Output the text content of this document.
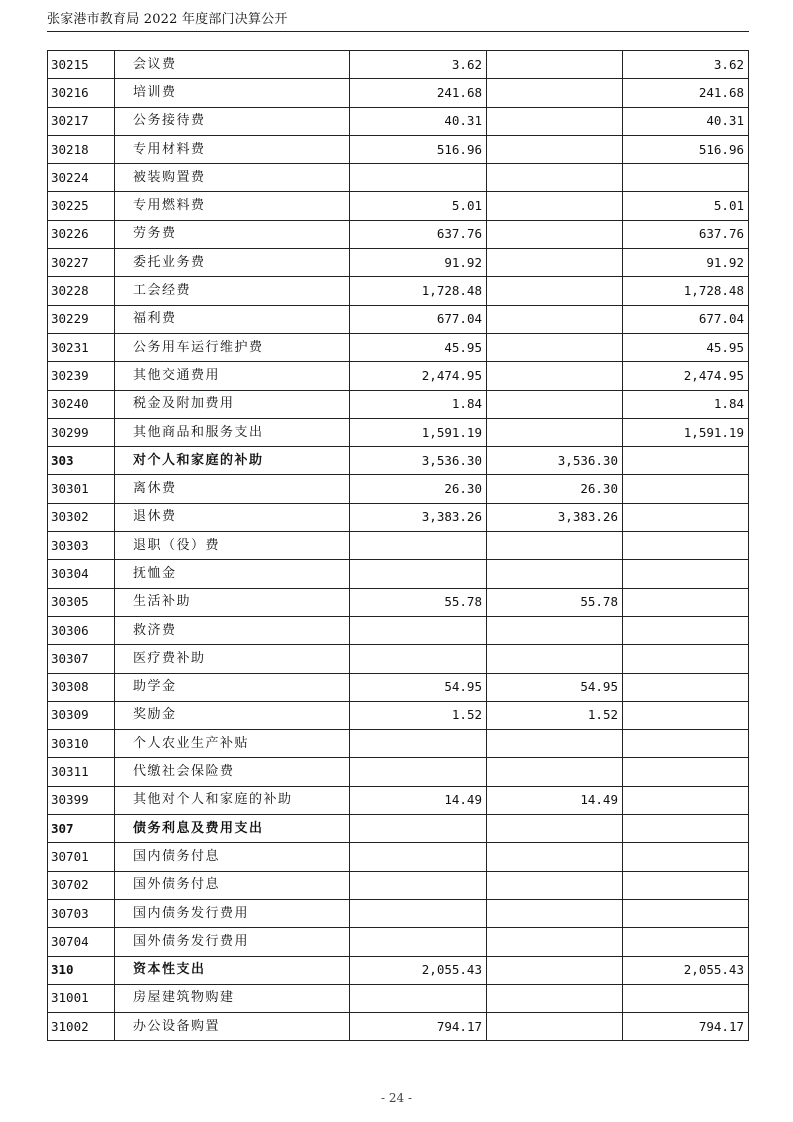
张家港市教育局 2022 年度部门决算公开
30215	会议费	3.62		3.62
30216	培训费	241.68		241.68
30217	公务接待费	40.31		40.31
30218	专用材料费	516.96		516.96
30224	被装购置费			
30225	专用燃料费	5.01		5.01
30226	劳务费	637.76		637.76
30227	委托业务费	91.92		91.92
30228	工会经费	1,728.48		1,728.48
30229	福利费	677.04		677.04
30231	公务用车运行维护费	45.95		45.95
30239	其他交通费用	2,474.95		2,474.95
30240	税金及附加费用	1.84		1.84
30299	其他商品和服务支出	1,591.19		1,591.19
303	对个人和家庭的补助	3,536.30	3,536.30	
30301	离休费	26.30	26.30	
30302	退休费	3,383.26	3,383.26	
30303	退职（役）费			
30304	抚恤金			
30305	生活补助	55.78	55.78	
30306	救济费			
30307	医疗费补助			
30308	助学金	54.95	54.95	
30309	奖励金	1.52	1.52	
30310	个人农业生产补贴			
30311	代缴社会保险费			
30399	其他对个人和家庭的补助	14.49	14.49	
307	债务利息及费用支出			
30701	国内债务付息			
30702	国外债务付息			
30703	国内债务发行费用			
30704	国外债务发行费用			
310	资本性支出	2,055.43		2,055.43
31001	房屋建筑物购建			
31002	办公设备购置	794.17		794.17
- 24 -
